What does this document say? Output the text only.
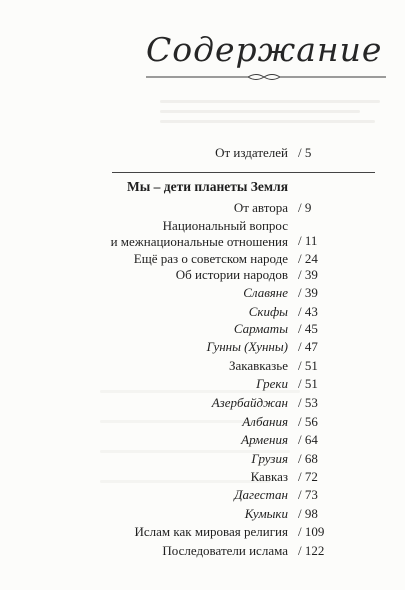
Содержание
От издателей / 5
Мы – дети планеты Земля
От автора / 9
Национальный вопрос
и межнациональные отношения / 11
Ещё раз о советском народе / 24
Об истории народов / 39
Славяне / 39
Скифы / 43
Сарматы / 45
Гунны (Хунны) / 47
Закавказье / 51
Греки / 51
Азербайджан / 53
Албания / 56
Армения / 64
Грузия / 68
Кавказ / 72
Дагестан / 73
Кумыки / 98
Ислам как мировая религия / 109
Последователи ислама / 122
